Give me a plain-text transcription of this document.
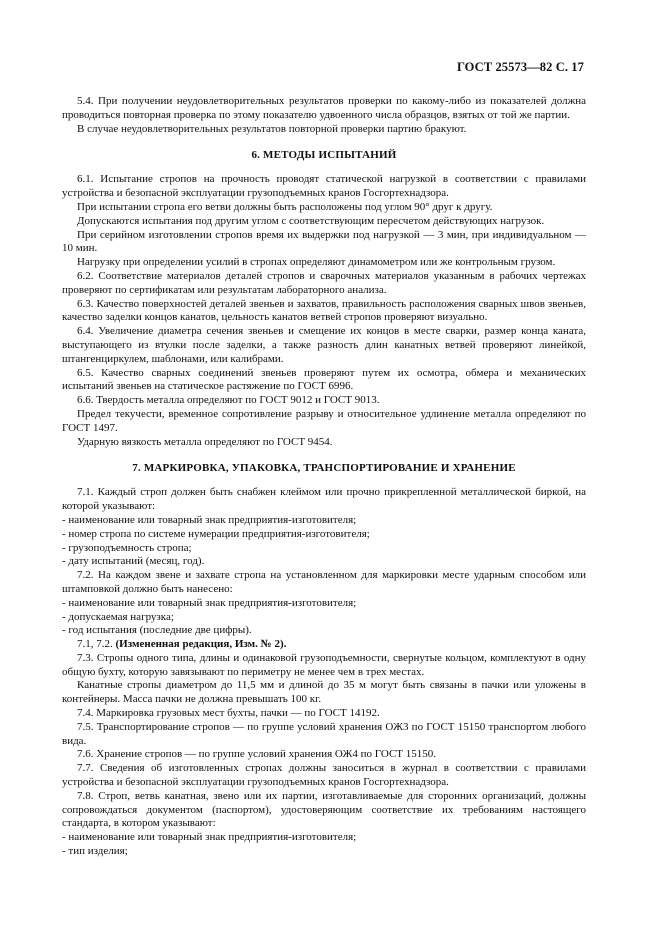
ГОСТ 25573—82 С. 17

5.4. При получении неудовлетворительных результатов проверки по какому-либо из показателей должна проводиться повторная проверка по этому показателю удвоенного числа образцов, взятых от той же партии.

В случае неудовлетворительных результатов повторной проверки партию бракуют.

6. МЕТОДЫ ИСПЫТАНИЙ

6.1. Испытание стропов на прочность проводят статической нагрузкой в соответствии с правилами устройства и безопасной эксплуатации грузоподъемных кранов Госгортехнадзора.

При испытании стропа его ветви должны быть расположены под углом 90° друг к другу.

Допускаются испытания под другим углом с соответствующим пересчетом действующих нагрузок.

При серийном изготовлении стропов время их выдержки под нагрузкой — 3 мин, при индивидуальном — 10 мин.

Нагрузку при определении усилий в стропах определяют динамометром или же контрольным грузом.

6.2. Соответствие материалов деталей стропов и сварочных материалов указанным в рабочих чертежах проверяют по сертификатам или результатам лабораторного анализа.

6.3. Качество поверхностей деталей звеньев и захватов, правильность расположения сварных швов звеньев, качество заделки концов канатов, цельность канатов ветвей стропов проверяют визуально.

6.4. Увеличение диаметра сечения звеньев и смещение их концов в месте сварки, размер конца каната, выступающего из втулки после заделки, а также разность длин канатных ветвей проверяют линейкой, штангенциркулем, шаблонами, или калибрами.

6.5. Качество сварных соединений звеньев проверяют путем их осмотра, обмера и механических испытаний звеньев на статическое растяжение по ГОСТ 6996.

6.6. Твердость металла определяют по ГОСТ 9012 и ГОСТ 9013.

Предел текучести, временное сопротивление разрыву и относительное удлинение металла определяют по ГОСТ 1497.

Ударную вязкость металла определяют по ГОСТ 9454.

7. МАРКИРОВКА, УПАКОВКА, ТРАНСПОРТИРОВАНИЕ И ХРАНЕНИЕ

7.1. Каждый строп должен быть снабжен клеймом или прочно прикрепленной металлической биркой, на которой указывают:

- наименование или товарный знак предприятия-изготовителя;

- номер стропа по системе нумерации предприятия-изготовителя;

- грузоподъемность стропа;

- дату испытаний (месяц, год).

7.2. На каждом звене и захвате стропа на установленном для маркировки месте ударным способом или штамповкой должно быть нанесено:

- наименование или товарный знак предприятия-изготовителя;

- допускаемая нагрузка;

- год испытания (последние две цифры).

7.1, 7.2. (Измененная редакция, Изм. № 2).

7.3. Стропы одного типа, длины и одинаковой грузоподъемности, свернутые кольцом, комплектуют в одну общую бухту, которую завязывают по периметру не менее чем в трех местах.

Канатные стропы диаметром до 11,5 мм и длиной до 35 м могут быть связаны в пачки или уложены в контейнеры. Масса пачки не должна превышать 100 кг.

7.4. Маркировка грузовых мест бухты, пачки — по ГОСТ 14192.

7.5. Транспортирование стропов — по группе условий хранения ОЖ3 по ГОСТ 15150 транспортом любого вида.

7.6. Хранение стропов — по группе условий хранения ОЖ4 по ГОСТ 15150.

7.7. Сведения об изготовленных стропах должны заноситься в журнал в соответствии с правилами устройства и безопасной эксплуатации грузоподъемных кранов Госгортехнадзора.

7.8. Строп, ветвь канатная, звено или их партии, изготавливаемые для сторонних организаций, должны сопровождаться документом (паспортом), удостоверяющим соответствие их требованиям настоящего стандарта, в котором указывают:

- наименование или товарный знак предприятия-изготовителя;

- тип изделия;
